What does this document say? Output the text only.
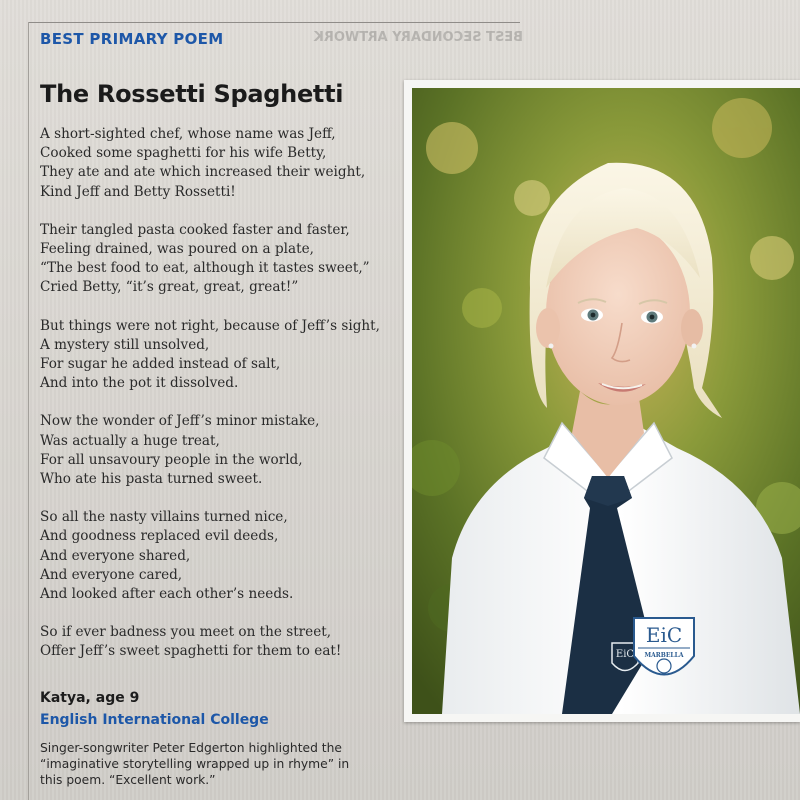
BEST SECONDARY ARTWORK
BEST PRIMARY POEM
The Rossetti Spaghetti

A short-sighted chef, whose name was Jeff,
Cooked some spaghetti for his wife Betty,
They ate and ate which increased their weight,
Kind Jeff and Betty Rossetti!

Their tangled pasta cooked faster and faster,
Feeling drained, was poured on a plate,
“The best food to eat, although it tastes sweet,”
Cried Betty, “it’s great, great, great!”

But things were not right, because of Jeff’s sight,
A mystery still unsolved,
For sugar he added instead of salt,
And into the pot it dissolved.

Now the wonder of Jeff’s minor mistake,
Was actually a huge treat,
For all unsavoury people in the world,
Who ate his pasta turned sweet.

So all the nasty villains turned nice,
And goodness replaced evil deeds,
And everyone shared,
And everyone cared,
And looked after each other’s needs.

So if ever badness you meet on the street,
Offer Jeff’s sweet spaghetti for them to eat!

Katya, age 9
English International College
Singer-songwriter Peter Edgerton highlighted the “imaginative storytelling wrapped up in rhyme” in this poem. “Excellent work.”
EiC
EiC
MARBELLA
